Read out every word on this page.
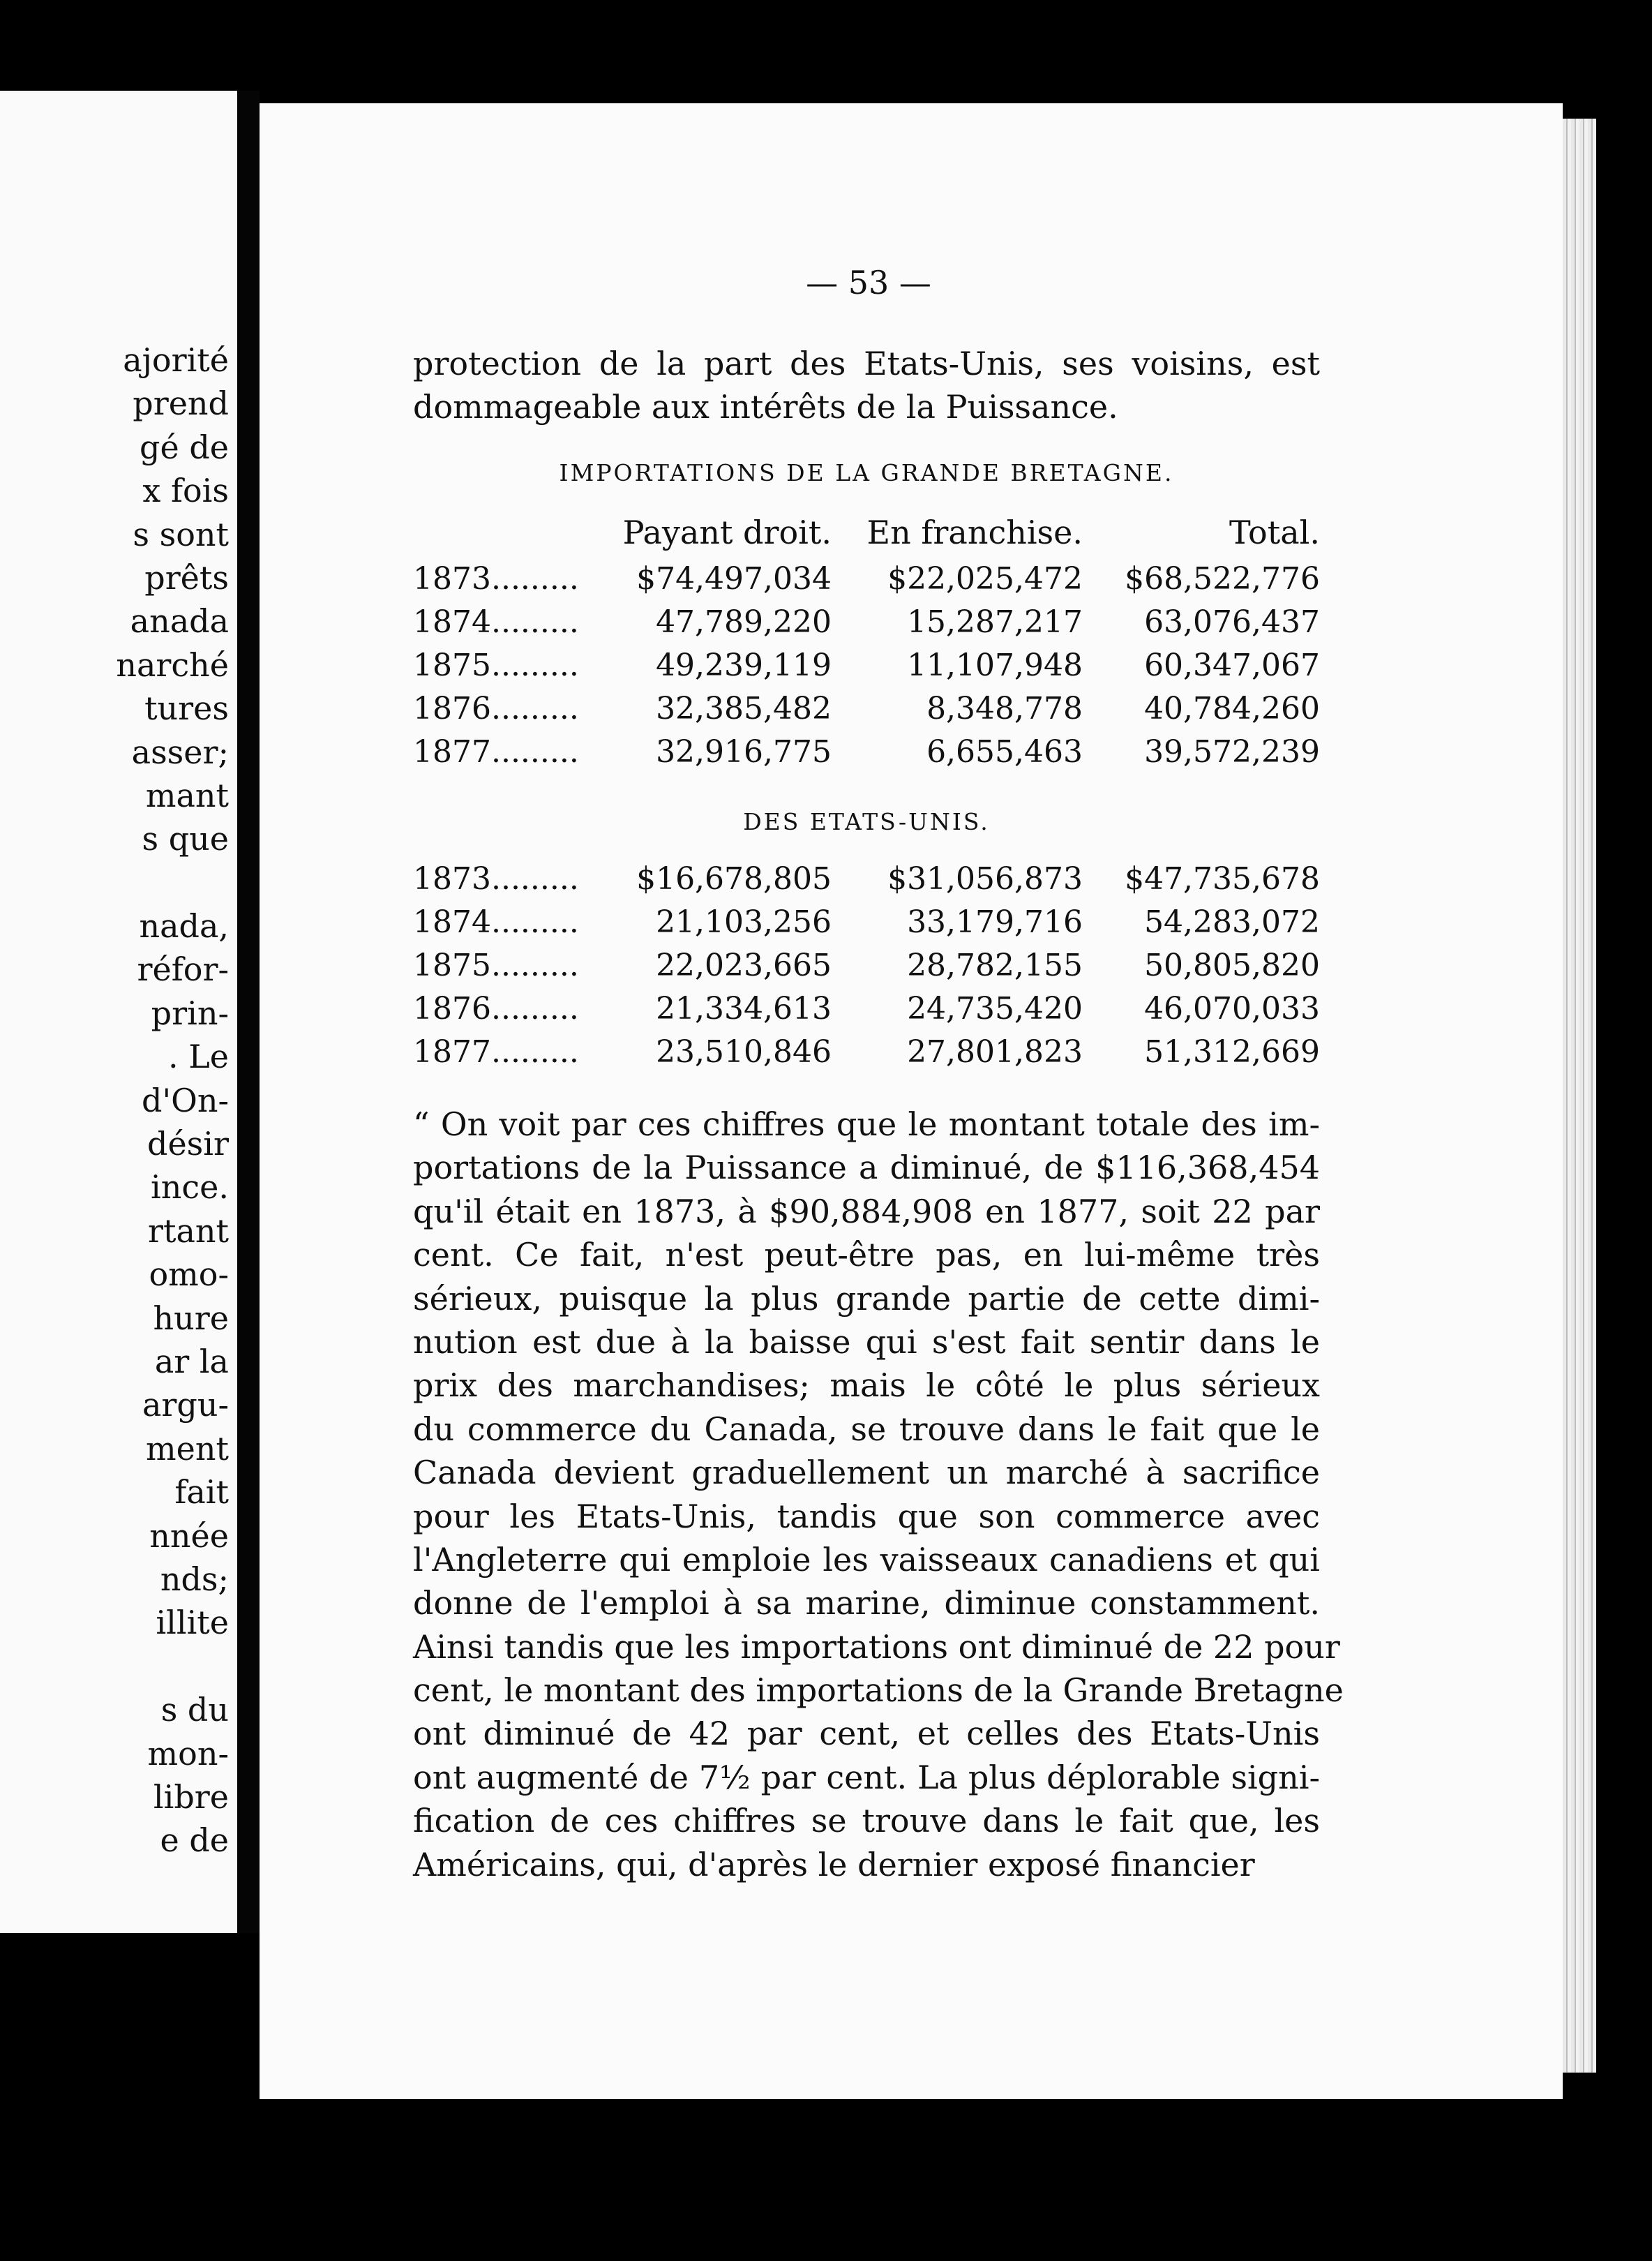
ajorité
prend
gé de
x fois
s sont
prêts
anada
narché
tures
asser;
mant
s que
nada,
réfor-
prin-
. Le
d'On-
désir
ince.
rtant
omo-
hure
ar la
argu-
ment
fait
nnée
nds;
illite
s du
mon-
libre
e de
— 53 —
protection de la part des Etats-Unis, ses voisins, est
dommageable aux intérêts de la Puissance.
IMPORTATIONS DE LA GRANDE BRETAGNE.
	Payant droit.	En franchise.	Total.
1873.........	$74,497,034	$22,025,472	$68,522,776
1874.........	47,789,220	15,287,217	63,076,437
1875.........	49,239,119	11,107,948	60,347,067
1876.........	32,385,482	8,348,778	40,784,260
1877.........	32,916,775	6,655,463	39,572,239
DES ETATS-UNIS.
1873.........	$16,678,805	$31,056,873	$47,735,678
1874.........	21,103,256	33,179,716	54,283,072
1875.........	22,023,665	28,782,155	50,805,820
1876.........	21,334,613	24,735,420	46,070,033
1877.........	23,510,846	27,801,823	51,312,669
“ On voit par ces chiffres que le montant totale des im-
portations de la Puissance a diminué, de $116,368,454
qu'il était en 1873, à $90,884,908 en 1877, soit 22 par
cent. Ce fait, n'est peut-être pas, en lui-même très
sérieux, puisque la plus grande partie de cette dimi-
nution est due à la baisse qui s'est fait sentir dans le
prix des marchandises; mais le côté le plus sérieux
du commerce du Canada, se trouve dans le fait que le
Canada devient graduellement un marché à sacrifice
pour les Etats-Unis, tandis que son commerce avec
l'Angleterre qui emploie les vaisseaux canadiens et qui
donne de l'emploi à sa marine, diminue constamment.
Ainsi tandis que les importations ont diminué de 22 pour
cent, le montant des importations de la Grande Bretagne
ont diminué de 42 par cent, et celles des Etats-Unis
ont augmenté de 7½ par cent. La plus déplorable signi-
fication de ces chiffres se trouve dans le fait que, les
Américains, qui, d'après le dernier exposé financier
